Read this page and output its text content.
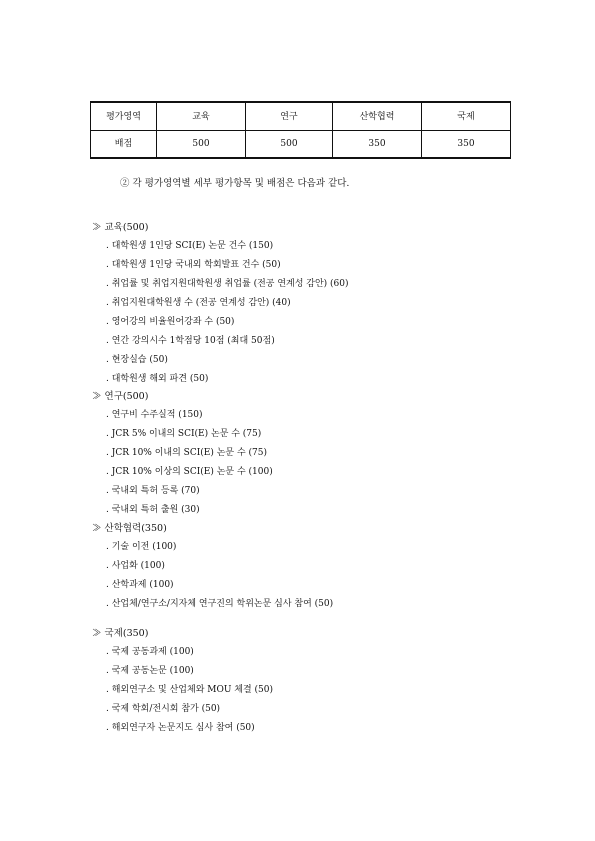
평가영역	교육	연구	산학협력	국제
배점	500	500	350	350
② 각 평가영역별 세부 평가항목 및 배점은 다음과 같다.
≫ 교육(500)
. 대학원생 1인당 SCI(E) 논문 건수 (150)
. 대학원생 1인당 국내외 학회발표 건수 (50)
. 취업률 및 취업지원대학원생 취업률 (전공 연계성 감안) (60)
. 취업지원대학원생 수 (전공 연계성 감안) (40)
. 영어강의 비율원어강좌 수 (50)
. 연간 강의시수 1학점당 10점 (최대 50점)
. 현장실습 (50)
. 대학원생 해외 파견 (50)
≫ 연구(500)
. 연구비 수주실적 (150)
. JCR 5% 이내의 SCI(E) 논문 수 (75)
. JCR 10% 이내의 SCI(E) 논문 수 (75)
. JCR 10% 이상의 SCI(E) 논문 수 (100)
. 국내외 특허 등록 (70)
. 국내외 특허 출원 (30)
≫ 산학협력(350)
. 기술 이전 (100)
. 사업화 (100)
. 산학과제 (100)
. 산업체/연구소/지자체 연구진의 학위논문 심사 참여 (50)
≫ 국제(350)
. 국제 공동과제 (100)
. 국제 공동논문 (100)
. 해외연구소 및 산업체와 MOU 체결 (50)
. 국제 학회/전시회 참가 (50)
. 해외연구자 논문지도 심사 참여 (50)
